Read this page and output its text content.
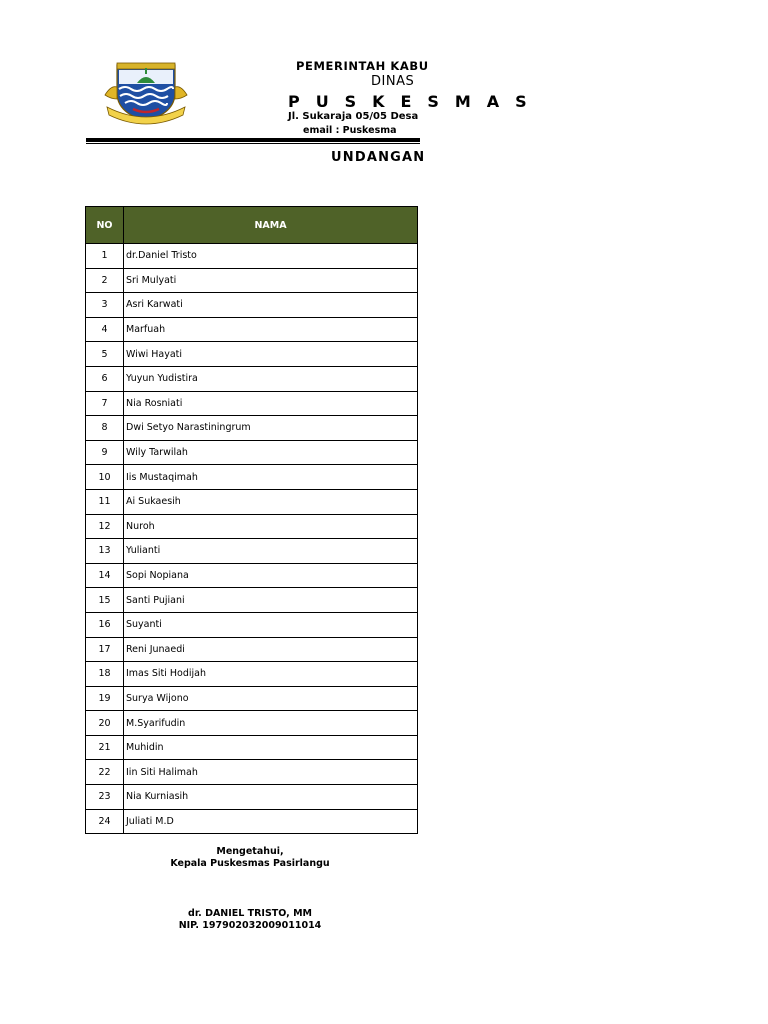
PEMERINTAH KABU
DINAS
P U S K E S M A S
Jl. Sukaraja 05/05 Desa
email : Puskesma
UNDANGAN
NO	NAMA
1	dr.Daniel Tristo
2	Sri Mulyati
3	Asri Karwati
4	Marfuah
5	Wiwi Hayati
6	Yuyun Yudistira
7	Nia Rosniati
8	Dwi Setyo Narastiningrum
9	Wily Tarwilah
10	Iis Mustaqimah
11	Ai Sukaesih
12	Nuroh
13	Yulianti
14	Sopi Nopiana
15	Santi Pujiani
16	Suyanti
17	Reni Junaedi
18	Imas Siti Hodijah
19	Surya Wijono
20	M.Syarifudin
21	Muhidin
22	Iin Siti Halimah
23	Nia Kurniasih
24	Juliati M.D
Mengetahui,
Kepala Puskesmas Pasirlangu
dr. DANIEL TRISTO, MM
NIP. 197902032009011014
